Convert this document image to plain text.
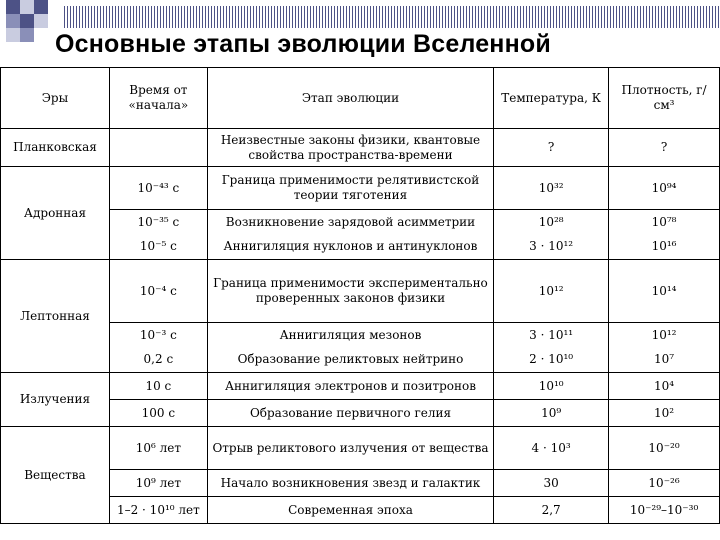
Основные этапы эволюции Вселенной
Эры	Время от «начала»	Этап эволюции	Температура, К	Плотность, г/см³
Планковская		Неизвестные законы физики, квантовые свойства пространства-времени	?	?
Адронная	10⁻⁴³ с	Граница применимости релятивистской теории тяготения	10³²	10⁹⁴
	10⁻³⁵ с	Возникновение зарядовой асимметрии	10²⁸	10⁷⁸
	10⁻⁵ с	Аннигиляция нуклонов и антинуклонов	3 · 10¹²	10¹⁶
Лептонная	10⁻⁴ с	Граница применимости экспериментально проверенных законов физики	10¹²	10¹⁴
	10⁻³ с	Аннигиляция мезонов	3 · 10¹¹	10¹²
	0,2 с	Образование реликтовых нейтрино	2 · 10¹⁰	10⁷
Излучения	10 с	Аннигиляция электронов и позитронов	10¹⁰	10⁴
	100 с	Образование первичного гелия	10⁹	10²
Вещества	10⁶ лет	Отрыв реликтового излучения от вещества	4 · 10³	10⁻²⁰
	10⁹ лет	Начало возникновения звезд и галактик	30	10⁻²⁶
	1–2 · 10¹⁰ лет	Современная эпоха	2,7	10⁻²⁹–10⁻³⁰
